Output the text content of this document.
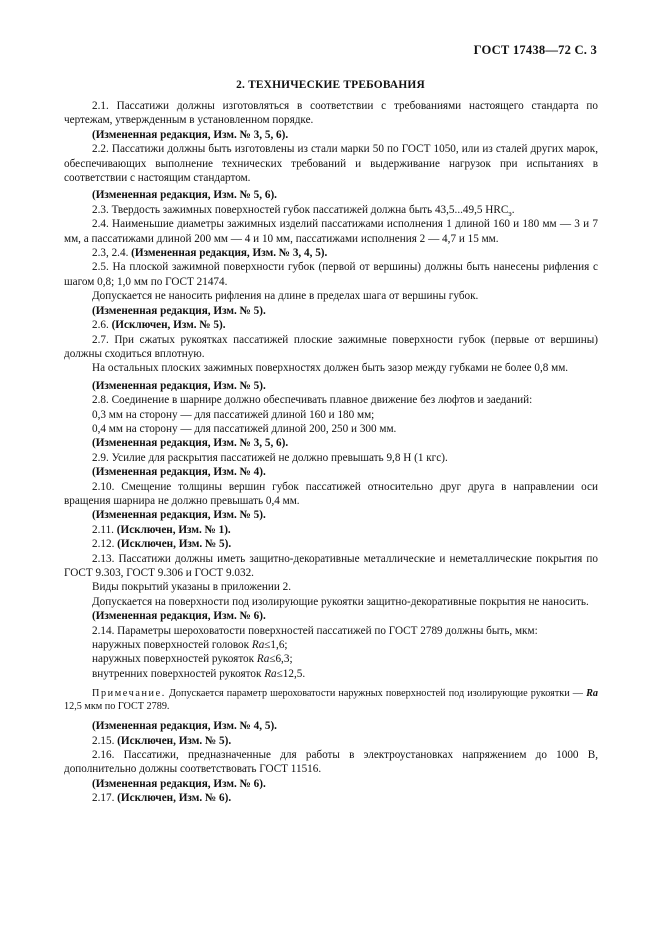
ГОСТ 17438—72 С. 3
2. ТЕХНИЧЕСКИЕ ТРЕБОВАНИЯ

2.1. Пассатижи должны изготовляться в соответствии с требованиями настоящего стандарта по чертежам, утвержденным в установленном порядке.

(Измененная редакция, Изм. № 3, 5, 6).

2.2. Пассатижи должны быть изготовлены из стали марки 50 по ГОСТ 1050, или из сталей других марок, обеспечивающих выполнение технических требований и выдерживание нагрузок при испытаниях в соответствии с настоящим стандартом.

(Измененная редакция, Изм. № 5, 6).

2.3. Твердость зажимных поверхностей губок пассатижей должна быть 43,5...49,5 $HRC_э$.

2.4. Наименьшие диаметры зажимных изделий пассатижами исполнения 1 длиной 160 и 180 мм — 3 и 7 мм, а пассатижами длиной 200 мм — 4 и 10 мм, пассатижами исполнения 2 — 4,7 и 15 мм.

2.3, 2.4. (Измененная редакция, Изм. № 3, 4, 5).

2.5. На плоской зажимной поверхности губок (первой от вершины) должны быть нанесены рифления с шагом 0,8; 1,0 мм по ГОСТ 21474.

Допускается не наносить рифления на длине в пределах шага от вершины губок.

(Измененная редакция, Изм. № 5).

2.6. (Исключен, Изм. № 5).

2.7. При сжатых рукоятках пассатижей плоские зажимные поверхности губок (первые от вершины) должны сходиться вплотную.

На остальных плоских зажимных поверхностях должен быть зазор между губками не более 0,8 мм.

(Измененная редакция, Изм. № 5).

2.8. Соединение в шарнире должно обеспечивать плавное движение без люфтов и заеданий:

0,3 мм на сторону — для пассатижей длиной 160 и 180 мм;

0,4 мм на сторону — для пассатижей длиной 200, 250 и 300 мм.

(Измененная редакция, Изм. № 3, 5, 6).

2.9. Усилие для раскрытия пассатижей не должно превышать 9,8 Н (1 кгс).

(Измененная редакция, Изм. № 4).

2.10. Смещение толщины вершин губок пассатижей относительно друг друга в направлении оси вращения шарнира не должно превышать 0,4 мм.

(Измененная редакция, Изм. № 5).

2.11. (Исключен, Изм. № 1).

2.12. (Исключен, Изм. № 5).

2.13. Пассатижи должны иметь защитно-декоративные металлические и неметаллические покрытия по ГОСТ 9.303, ГОСТ 9.306 и ГОСТ 9.032.

Виды покрытий указаны в приложении 2.

Допускается на поверхности под изолирующие рукоятки защитно-декоративные покрытия не наносить.

(Измененная редакция, Изм. № 6).

2.14. Параметры шероховатости поверхностей пассатижей по ГОСТ 2789 должны быть, мкм:

наружных поверхностей головок Ra≤1,6;

наружных поверхностей рукояток Ra≤6,3;

внутренних поверхностей рукояток Ra≤12,5.

Примечание. Допускается параметр шероховатости наружных поверхностей под изолирующие рукоятки — Ra 12,5 мкм по ГОСТ 2789.

(Измененная редакция, Изм. № 4, 5).

2.15. (Исключен, Изм. № 5).

2.16. Пассатижи, предназначенные для работы в электроустановках напряжением до 1000 В, дополнительно должны соответствовать ГОСТ 11516.

(Измененная редакция, Изм. № 6).

2.17. (Исключен, Изм. № 6).
